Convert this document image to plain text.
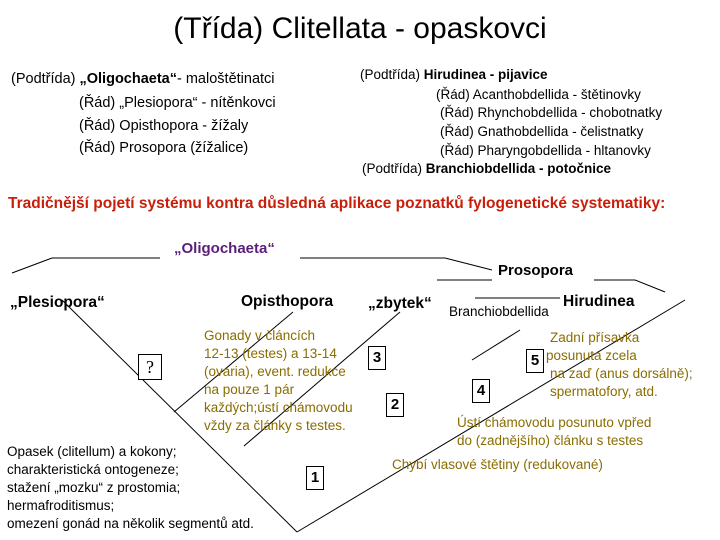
(Třída) Clitellata - opaskovci
(Podtřída) „Oligochaeta“- maloštětinatci
(Řád) „Plesiopora“ - nítěnkovci
(Řád) Opisthopora - žížaly
(Řád) Prosopora (žížalice)
(Podtřída) Hirudinea - pijavice
(Řád) Acanthobdellida - štětinovky
(Řád) Rhynchobdellida - chobotnatky
(Řád) Gnathobdellida - čelistnatky
(Řád) Pharyngobdellida - hltanovky
(Podtřída) Branchiobdellida - potočnice
Tradičnější pojetí systému kontra důsledná aplikace poznatků fylogenetické systematiky:
„Oligochaeta“
Prosopora
„Plesiopora“	Opisthopora „zbytek“ Branchiobdellida
Hirudinea
?
Gonady v článcích
12-13 (testes) a 13-14
(ovaria), event. redukce
na pouze 1 pár
každých;ústí chámovodu
vždy za články s testes.
Opasek (clitellum) a kokony;
charakteristická ontogeneze;
stažení „mozku“ z prostomia;
hermafroditismus;
omezení gonád na několik segmentů atd.
Zadní přísavka
posunuta zcela
na zaď (anus dorsálně);
spermatofory, atd.
Ústí chámovodu posunuto vpřed
do (zadnějšího) článku s testes
Chybí vlasové štětiny (redukované)
1
2
3
4
5
